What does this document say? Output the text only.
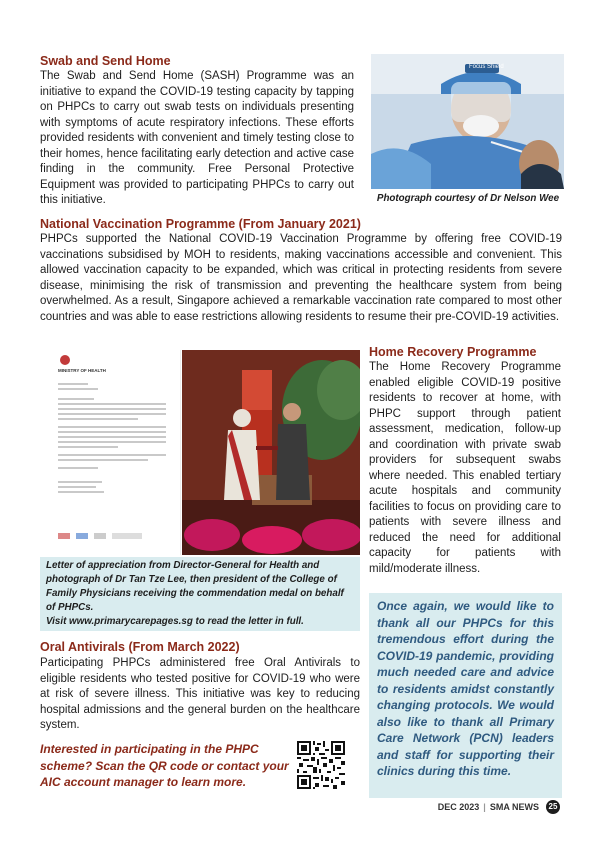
Swab and Send Home

The Swab and Send Home (SASH) Programme was an initiative to expand the COVID-19 testing capacity by tapping on PHPCs to carry out swab tests on individuals presenting with symptoms of acute respiratory infections. These efforts provided residents with convenient and timely testing close to their homes, hence facilitating early detection and active case finding in the community. Free Personal Protective Equipment was provided to participating PHPCs to carry out this initiative.

Focus Shield

Photograph courtesy of Dr Nelson Wee

National Vaccination Programme (From January 2021)

PHPCs supported the National COVID-19 Vaccination Programme by offering free COVID-19 vaccinations subsidised by MOH to residents, making vaccinations accessible and convenient. This allowed vaccination capacity to be expanded, which was critical in protecting residents from severe disease, minimising the risk of transmission and preventing the healthcare system from being overwhelmed. As a result, Singapore achieved a remarkable vaccination rate compared to most other countries and was able to ease restrictions allowing residents to resume their pre-COVID-19 activities.

MINISTRY OF HEALTH

Letter of appreciation from Director-General for Health and photograph of Dr Tan Tze Lee, then president of the College of Family Physicians receiving the commendation medal on behalf of PHPCs.

Visit www.primarycarepages.sg to read the letter in full.

Home Recovery Programme

The Home Recovery Programme enabled eligible COVID-19 positive residents to recover at home, with PHPC support through patient assessment, medication, follow-up and coordination with private swab providers for subsequent swabs where needed. This enabled tertiary acute hospitals and community facilities to focus on providing care to patients with severe illness and reduced the need for additional capacity for patients with mild/moderate illness.

Once again, we would like to thank all our PHPCs for this tremendous effort during the COVID-19 pandemic, providing much needed care and advice to residents amidst constantly changing protocols. We would also like to thank all Primary Care Network (PCN) leaders and staff for supporting their clinics during this time.

Oral Antivirals (From March 2022)

Participating PHPCs administered free Oral Antivirals to eligible residents who tested positive for COVID-19 who were at risk of severe illness. This initiative was key to reducing hospital admissions and the general burden on the healthcare system.

Interested in participating in the PHPC scheme? Scan the QR code or contact your AIC account manager to learn more.

DEC 2023 | SMA NEWS	25
